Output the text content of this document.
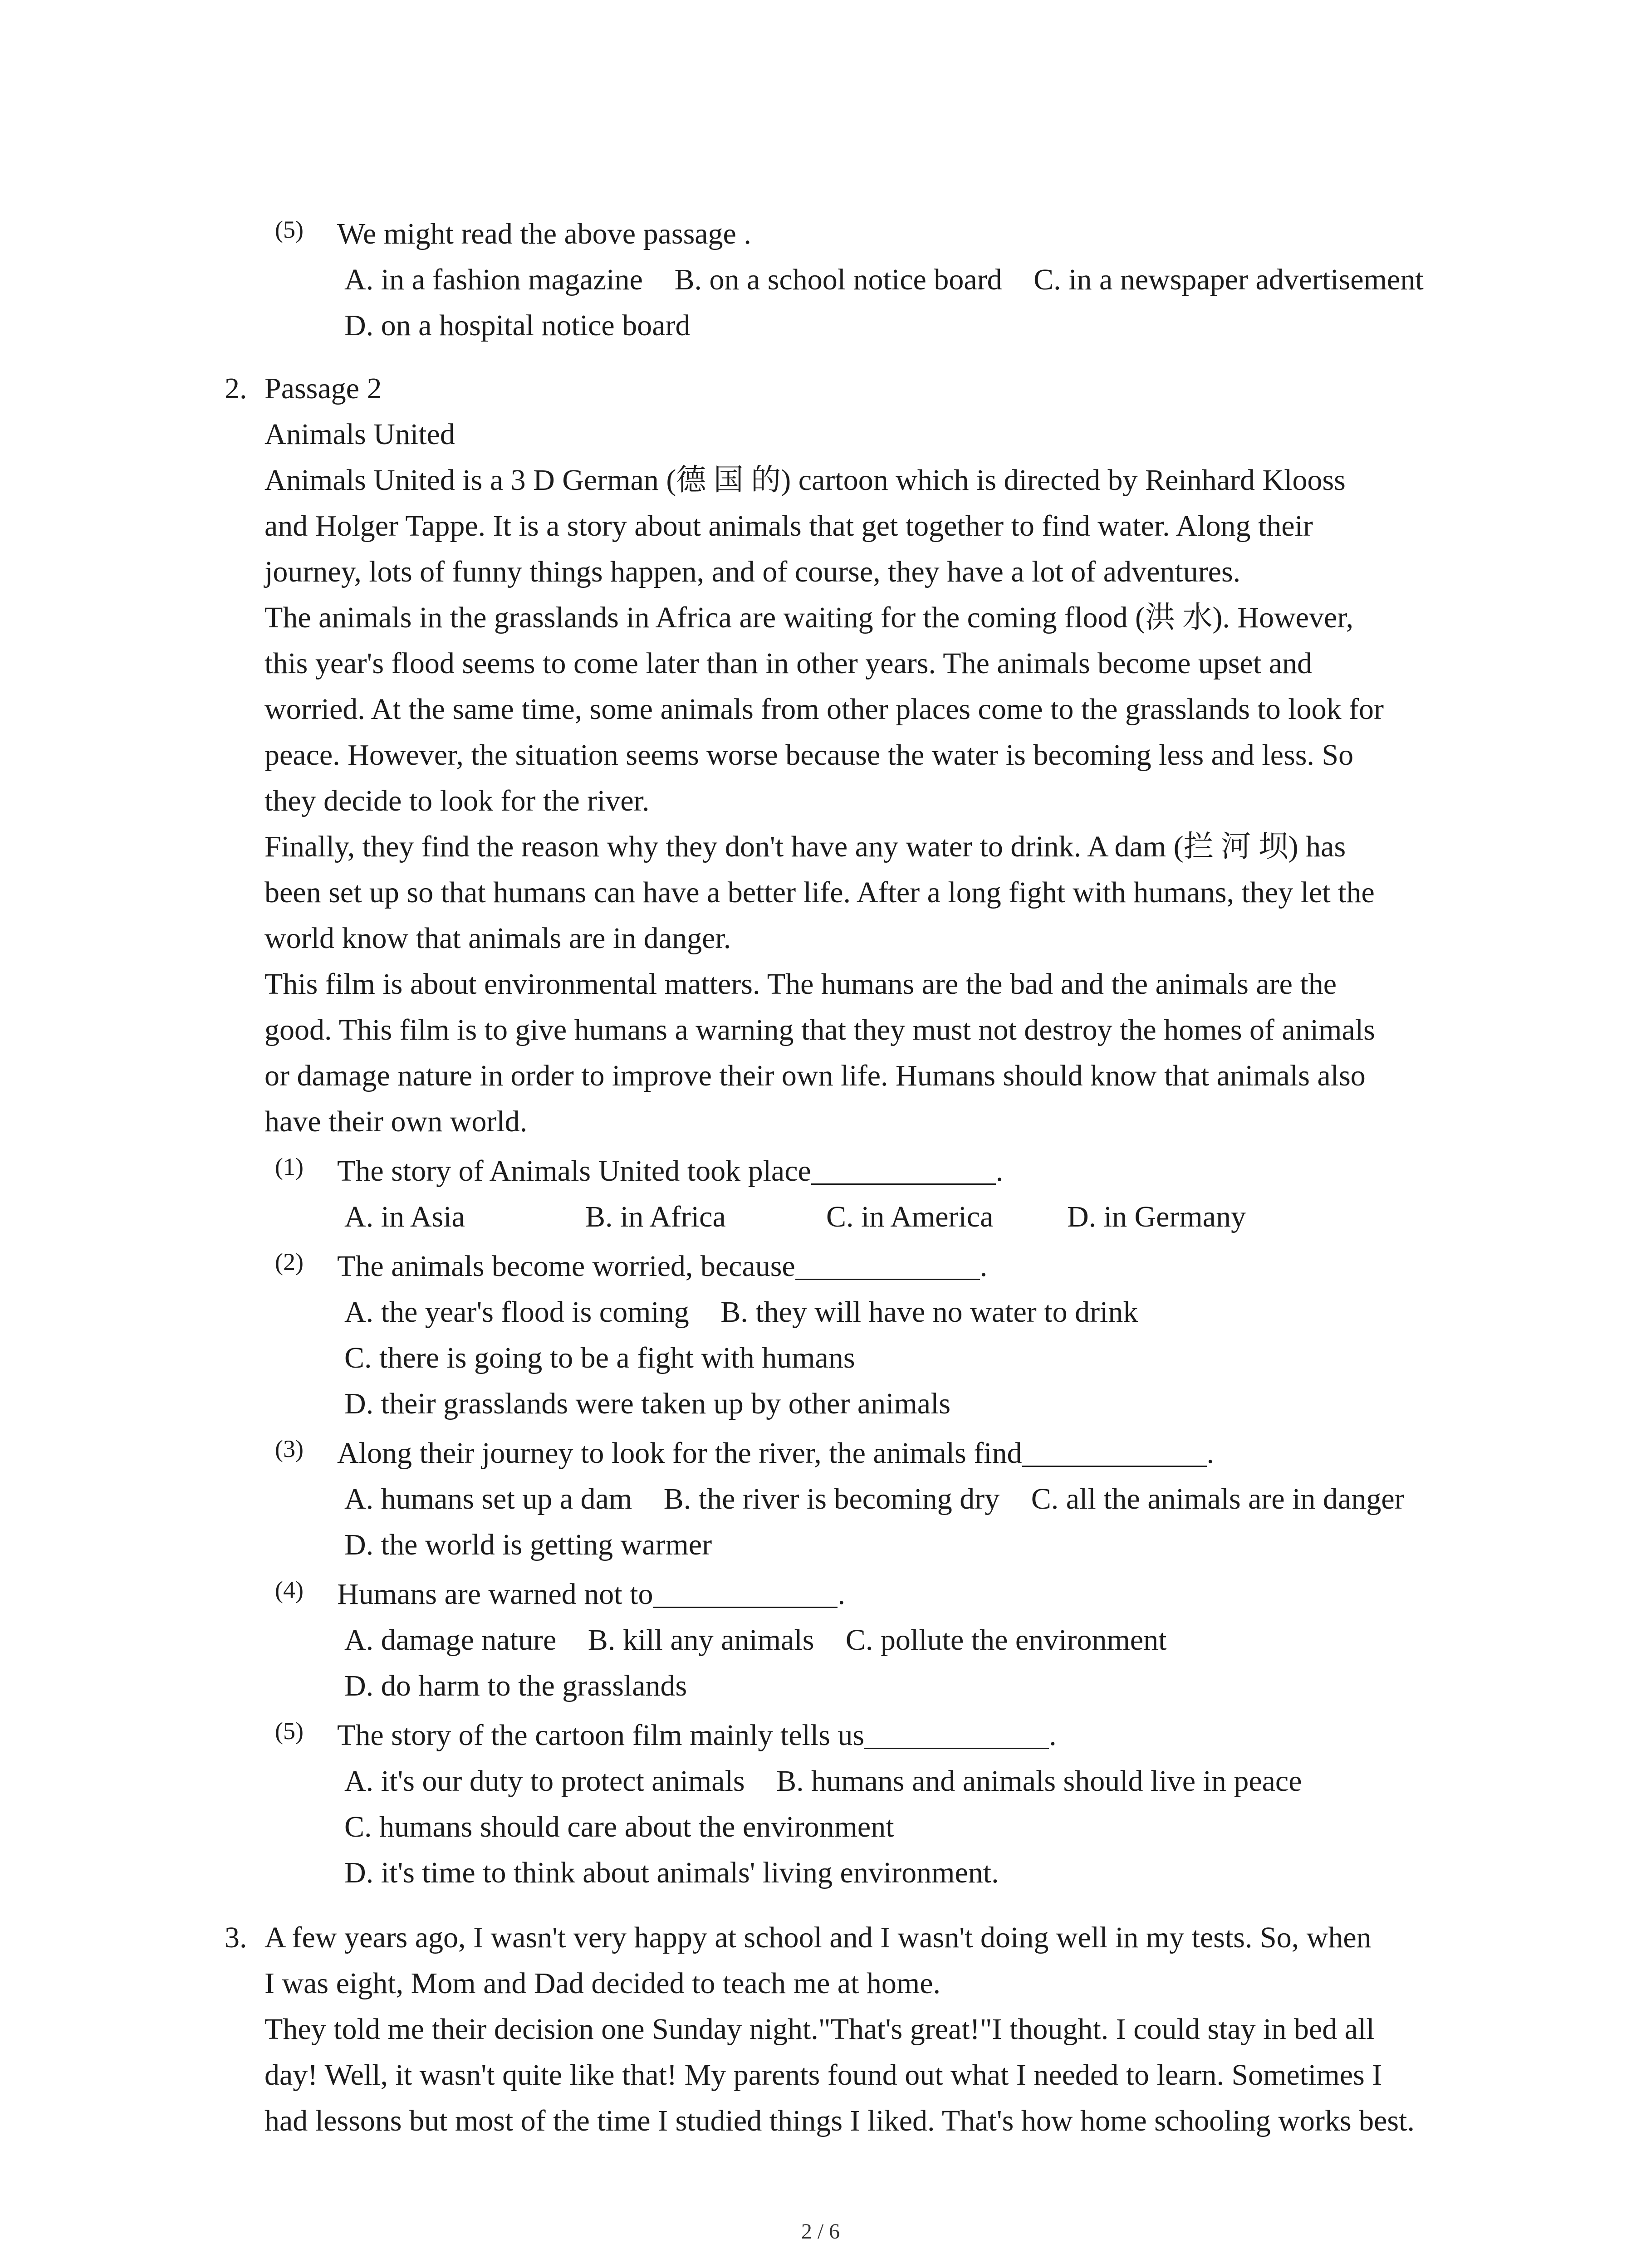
(5) We might read the above passage .
A. in a fashion magazine B. on a school notice board C. in a newspaper advertisement
D. on a hospital notice board
2. Passage 2
Animals United
Animals United is a 3 D German (德 国 的) cartoon which is directed by Reinhard Klooss
and Holger Tappe. It is a story about animals that get together to find water. Along their
journey, lots of funny things happen, and of course, they have a lot of adventures.
The animals in the grasslands in Africa are waiting for the coming flood (洪 水). However,
this year's flood seems to come later than in other years. The animals become upset and
worried. At the same time, some animals from other places come to the grasslands to look for
peace. However, the situation seems worse because the water is becoming less and less. So
they decide to look for the river.
Finally, they find the reason why they don't have any water to drink. A dam (拦 河 坝) has
been set up so that humans can have a better life. After a long fight with humans, they let the
world know that animals are in danger.
This film is about environmental matters. The humans are the bad and the animals are the
good. This film is to give humans a warning that they must not destroy the homes of animals
or damage nature in order to improve their own life. Humans should know that animals also
have their own world.
(1) The story of Animals United took place	.
A. in Asia	B. in Africa	C. in America D. in Germany
(2) The animals become worried, because	.
A. the year's flood is coming B. they will have no water to drink
C. there is going to be a fight with humans
D. their grasslands were taken up by other animals
(3) Along their journey to look for the river, the animals find	.
A. humans set up a dam B. the river is becoming dry C. all the animals are in danger
D. the world is getting warmer
(4) Humans are warned not to	.
A. damage nature B. kill any animals C. pollute the environment
D. do harm to the grasslands
(5) The story of the cartoon film mainly tells us	.
A. it's our duty to protect animals B. humans and animals should live in peace
C. humans should care about the environment
D. it's time to think about animals' living environment.
3. A few years ago, I wasn't very happy at school and I wasn't doing well in my tests. So, when
I was eight, Mom and Dad decided to teach me at home.
They told me their decision one Sunday night."That's great!"I thought. I could stay in bed all
day! Well, it wasn't quite like that! My parents found out what I needed to learn. Sometimes I
had lessons but most of the time I studied things I liked. That's how home schooling works best.
2 / 6
